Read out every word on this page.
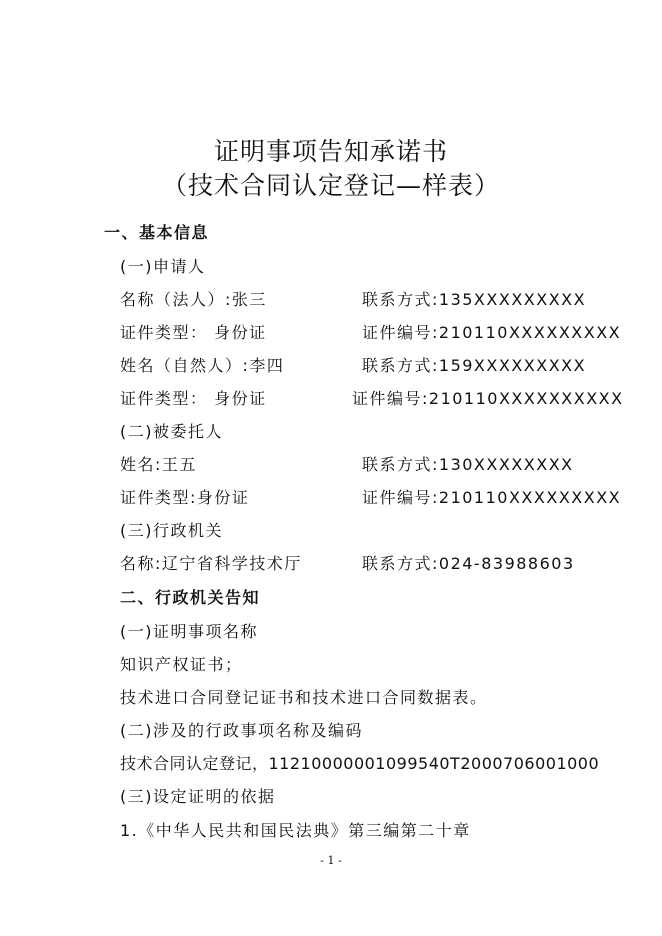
证明事项告知承诺书
（技术合同认定登记—样表）
一、基本信息
(一)申请人
名称（法人）:张三	联系方式:135XXXXXXXXX
证件类型： 身份证	证件编号:210110XXXXXXXXX
姓名（自然人）:李四	联系方式:159XXXXXXXXX
证件类型： 身份证	证件编号:210110XXXXXXXXXX
(二)被委托人
姓名:王五	联系方式:130XXXXXXXX
证件类型:身份证	证件编号:210110XXXXXXXXX
(三)行政机关
名称:辽宁省科学技术厅	联系方式:024-83988603
二、行政机关告知
(一)证明事项名称
知识产权证书；
技术进口合同登记证书和技术进口合同数据表。
(二)涉及的行政事项名称及编码
技术合同认定登记，11210000001099540T2000706001000
(三)设定证明的依据
1.《中华人民共和国民法典》第三编第二十章
- 1 -
